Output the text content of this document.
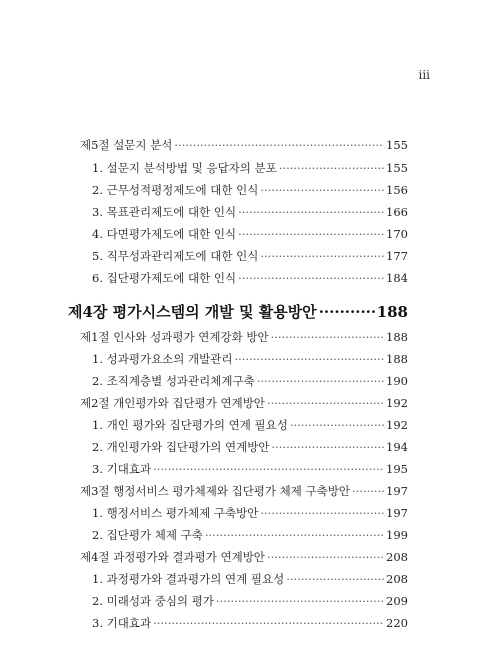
iii
제5절 설문지 분석 ·····	155
1. 설문지 분석방법 및 응답자의 분포 ·····	155
2. 근무성적평정제도에 대한 인식 ·····	156
3. 목표관리제도에 대한 인식 ·····	166
4. 다면평가제도에 대한 인식 ·····	170
5. 직무성과관리제도에 대한 인식 ·····	177
6. 집단평가제도에 대한 인식 ·····	184
제4장 평가시스템의 개발 및 활용방안 ·····	188
제1절 인사와 성과평가 연계강화 방안 ·····	188
1. 성과평가요소의 개발관리 ·····	188
2. 조직계층별 성과관리체계구축 ·····	190
제2절 개인평가와 집단평가 연계방안 ·····	192
1. 개인 평가와 집단평가의 연계 필요성 ·····	192
2. 개인평가와 집단평가의 연계방안 ·····	194
3. 기대효과 ·····	195
제3절 행정서비스 평가체제와 집단평가 체제 구축방안 ·····	197
1. 행정서비스 평가체제 구축방안 ·····	197
2. 집단평가 체제 구축 ·····	199
제4절 과정평가와 결과평가 연계방안 ·····	208
1. 과정평가와 결과평가의 연계 필요성 ·····	208
2. 미래성과 중심의 평가 ·····	209
3. 기대효과 ·····	220
